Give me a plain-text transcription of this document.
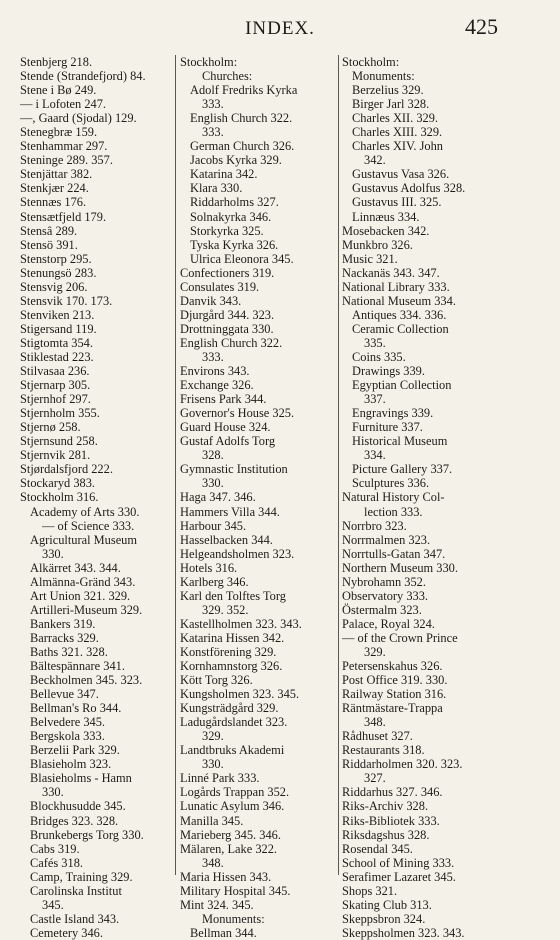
INDEX.	425
Stenbjerg 218.
Stende (Strandefjord) 84.
Stene i Bø 249.
— i Lofoten 247.
—, Gaard (Sjodal) 129.
Stenegbræ 159.
Stenhammar 297.
Steninge 289. 357.
Stenjättar 382.
Stenkjær 224.
Stennæs 176.
Stensætfjeld 179.
Stensâ 289.
Stensö 391.
Stenstorp 295.
Stenungsö 283.
Stensvig 206.
Stensvik 170. 173.
Stenviken 213.
Stigersand 119.
Stigtomta 354.
Stiklestad 223.
Stilvasaa 236.
Stjernarp 305.
Stjernhof 297.
Stjernholm 355.
Stjernø 258.
Stjernsund 258.
Stjernvik 281.
Stjørdalsfjord 222.
Stockaryd 383.
Stockholm 316.
Academy of Arts 330.
— of Science 333.
Agricultural Museum
330.
Alkärret 343. 344.
Almänna-Gränd 343.
Art Union 321. 329.
Artilleri-Museum 329.
Bankers 319.
Barracks 329.
Baths 321. 328.
Bältespännare 341.
Beckholmen 345. 323.
Bellevue 347.
Bellman's Ro 344.
Belvedere 345.
Bergskola 333.
Berzelii Park 329.
Blasieholm 323.
Blasieholms - Hamn
330.
Blockhusudde 345.
Bridges 323. 328.
Brunkebergs Torg 330.
Cabs 319.
Cafés 318.
Camp, Training 329.
Carolinska Institut
345.
Castle Island 343.
Cemetery 346.
Stockholm:
Churches:
Adolf Fredriks Kyrka
333.
English Church 322.
333.
German Church 326.
Jacobs Kyrka 329.
Katarina 342.
Klara 330.
Riddarholms 327.
Solnakyrka 346.
Storkyrka 325.
Tyska Kyrka 326.
Ulrica Eleonora 345.
Confectioners 319.
Consulates 319.
Danvik 343.
Djurgård 344. 323.
Drottninggata 330.
English Church 322.
333.
Environs 343.
Exchange 326.
Frisens Park 344.
Governor's House 325.
Guard House 324.
Gustaf Adolfs Torg
328.
Gymnastic Institution
330.
Haga 347. 346.
Hammers Villa 344.
Harbour 345.
Hasselbacken 344.
Helgeandsholmen 323.
Hotels 316.
Karlberg 346.
Karl den Tolftes Torg
329. 352.
Kastellholmen 323. 343.
Katarina Hissen 342.
Konstförening 329.
Kornhamnstorg 326.
Kött Torg 326.
Kungsholmen 323. 345.
Kungsträdgård 329.
Ladugårdslandet 323.
329.
Landtbruks Akademi
330.
Linné Park 333.
Logårds Trappan 352.
Lunatic Asylum 346.
Manilla 345.
Marieberg 345. 346.
Mälaren, Lake 322.
348.
Maria Hissen 343.
Military Hospital 345.
Mint 324. 345.
Monuments:
Bellman 344.
Stockholm:
Monuments:
Berzelius 329.
Birger Jarl 328.
Charles XII. 329.
Charles XIII. 329.
Charles XIV. John
342.
Gustavus Vasa 326.
Gustavus Adolfus 328.
Gustavus III. 325.
Linnæus 334.
Mosebacken 342.
Munkbro 326.
Music 321.
Nackanäs 343. 347.
National Library 333.
National Museum 334.
Antiques 334. 336.
Ceramic Collection
335.
Coins 335.
Drawings 339.
Egyptian Collection
337.
Engravings 339.
Furniture 337.
Historical Museum
334.
Picture Gallery 337.
Sculptures 336.
Natural History Col-
lection 333.
Norrbro 323.
Norrmalmen 323.
Norrtulls-Gatan 347.
Northern Museum 330.
Nybrohamn 352.
Observatory 333.
Östermalm 323.
Palace, Royal 324.
— of the Crown Prince
329.
Petersenskahus 326.
Post Office 319. 330.
Railway Station 316.
Räntmästare-Trappa
348.
Rådhuset 327.
Restaurants 318.
Riddarholmen 320. 323.
327.
Riddarhus 327. 346.
Riks-Archiv 328.
Riks-Bibliotek 333.
Riksdagshus 328.
Rosendal 345.
School of Mining 333.
Serafimer Lazaret 345.
Shops 321.
Skating Club 313.
Skeppsbron 324.
Skeppsholmen 323. 343.
